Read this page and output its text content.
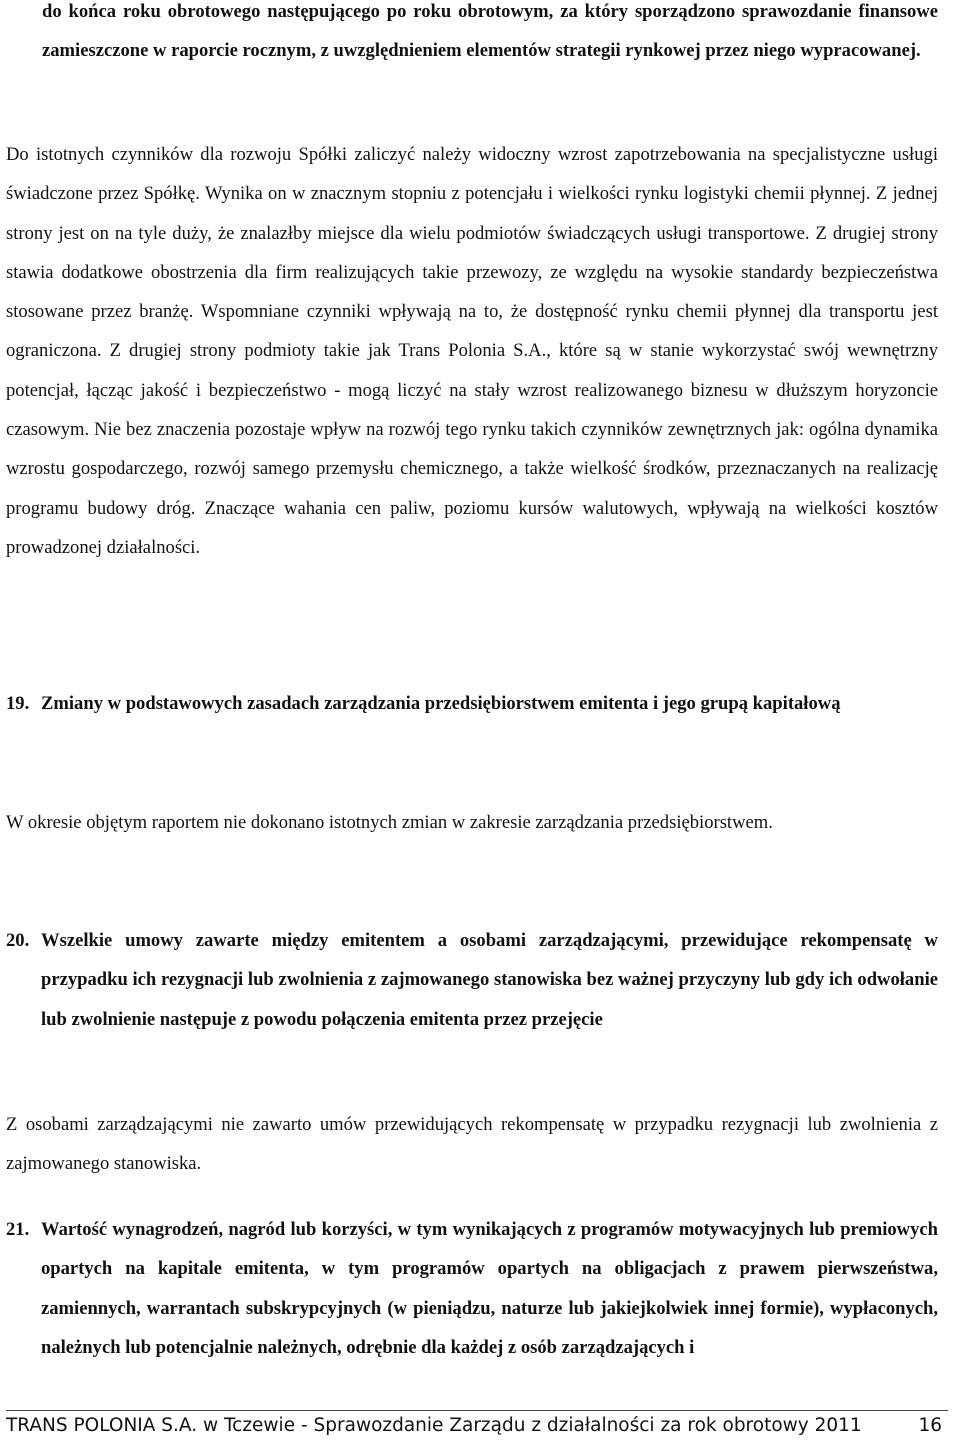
do końca roku obrotowego następującego po roku obrotowym, za który sporządzono sprawozdanie finansowe zamieszczone w raporcie rocznym, z uwzględnieniem elementów strategii rynkowej przez niego wypracowanej.

Do istotnych czynników dla rozwoju Spółki zaliczyć należy widoczny wzrost zapotrzebowania na specjalistyczne usługi świadczone przez Spółkę. Wynika on w znacznym stopniu z potencjału i wielkości rynku logistyki chemii płynnej. Z jednej strony jest on na tyle duży, że znalazłby miejsce dla wielu podmiotów świadczących usługi transportowe. Z drugiej strony stawia dodatkowe obostrzenia dla firm realizujących takie przewozy, ze względu na wysokie standardy bezpieczeństwa stosowane przez branżę. Wspomniane czynniki wpływają na to, że dostępność rynku chemii płynnej dla transportu jest ograniczona. Z drugiej strony podmioty takie jak Trans Polonia S.A., które są w stanie wykorzystać swój wewnętrzny potencjał, łącząc jakość i bezpieczeństwo - mogą liczyć na stały wzrost realizowanego biznesu w dłuższym horyzoncie czasowym. Nie bez znaczenia pozostaje wpływ na rozwój tego rynku takich czynników zewnętrznych jak: ogólna dynamika wzrostu gospodarczego, rozwój samego przemysłu chemicznego, a także wielkość środków, przeznaczanych na realizację programu budowy dróg. Znaczące wahania cen paliw, poziomu kursów walutowych, wpływają na wielkości kosztów prowadzonej działalności.

19. Zmiany w podstawowych zasadach zarządzania przedsiębiorstwem emitenta i jego grupą kapitałową

W okresie objętym raportem nie dokonano istotnych zmian w zakresie zarządzania przedsiębiorstwem.

20. Wszelkie umowy zawarte między emitentem a osobami zarządzającymi, przewidujące rekompensatę w przypadku ich rezygnacji lub zwolnienia z zajmowanego stanowiska bez ważnej przyczyny lub gdy ich odwołanie lub zwolnienie następuje z powodu połączenia emitenta przez przejęcie

Z osobami zarządzającymi nie zawarto umów przewidujących rekompensatę w przypadku rezygnacji lub zwolnienia z zajmowanego stanowiska.

21. Wartość wynagrodzeń, nagród lub korzyści, w tym wynikających z programów motywacyjnych lub premiowych opartych na kapitale emitenta, w tym programów opartych na obligacjach z prawem pierwszeństwa, zamiennych, warrantach subskrypcyjnych (w pieniądzu, naturze lub jakiejkolwiek innej formie), wypłaconych, należnych lub potencjalnie należnych, odrębnie dla każdej z osób zarządzających i
TRANS POLONIA S.A. w Tczewie - Sprawozdanie Zarządu z działalności za rok obrotowy 2011	16
